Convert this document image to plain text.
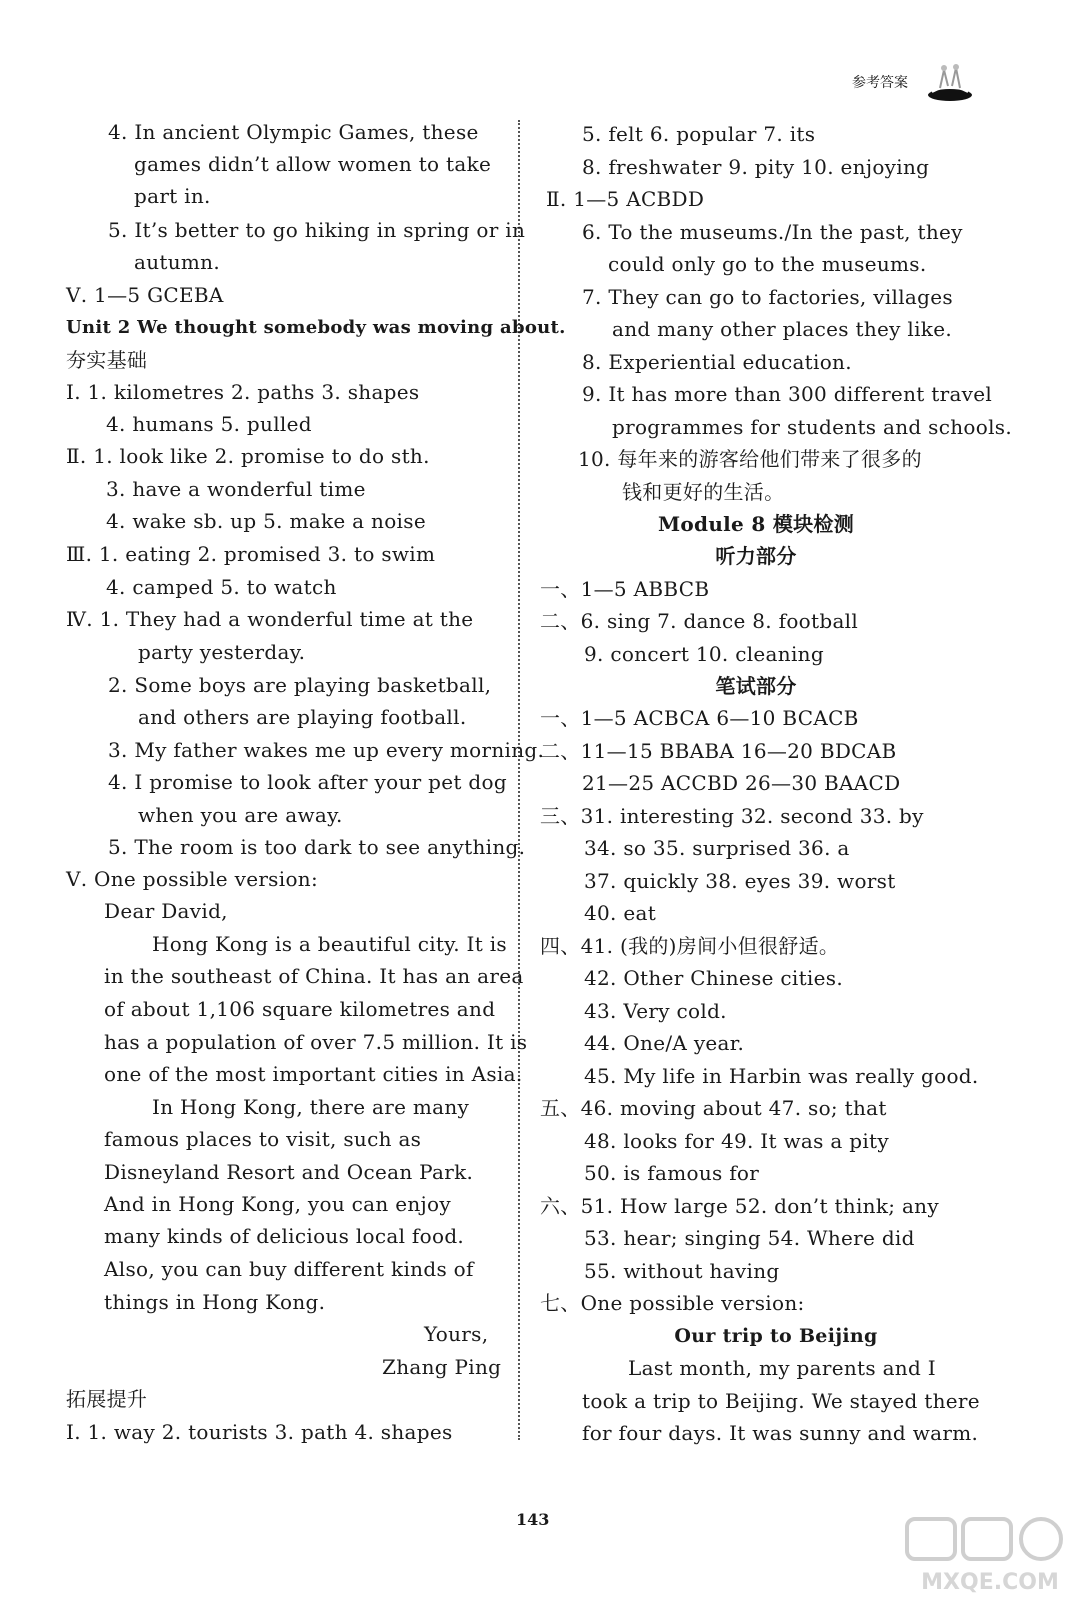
参考答案
4. In ancient Olympic Games, these
games didn’t allow women to take
part in.
5. It’s better to go hiking in spring or in
autumn.
Ⅴ. 1—5 GCEBA
Unit 2 We thought somebody was moving about.
夯实基础
Ⅰ. 1. kilometres 2. paths 3. shapes
4. humans 5. pulled
Ⅱ. 1. look like 2. promise to do sth.
3. have a wonderful time
4. wake sb. up 5. make a noise
Ⅲ. 1. eating 2. promised 3. to swim
4. camped 5. to watch
Ⅳ. 1. They had a wonderful time at the
party yesterday.
2. Some boys are playing basketball,
and others are playing football.
3. My father wakes me up every morning.
4. I promise to look after your pet dog
when you are away.
5. The room is too dark to see anything.
Ⅴ. One possible version:
Dear David,
Hong Kong is a beautiful city. It is
in the southeast of China. It has an area
of about 1,106 square kilometres and
has a population of over 7.5 million. It is
one of the most important cities in Asia.
In Hong Kong, there are many
famous places to visit, such as
Disneyland Resort and Ocean Park.
And in Hong Kong, you can enjoy
many kinds of delicious local food.
Also, you can buy different kinds of
things in Hong Kong.
Yours,
Zhang Ping
拓展提升
Ⅰ. 1. way 2. tourists 3. path 4. shapes
5. felt 6. popular 7. its
8. freshwater 9. pity 10. enjoying
Ⅱ. 1—5 ACBDD
6. To the museums./In the past, they
could only go to the museums.
7. They can go to factories, villages
and many other places they like.
8. Experiential education.
9. It has more than 300 different travel
programmes for students and schools.
10. 每年来的游客给他们带来了很多的
钱和更好的生活。
Module 8 模块检测
听力部分
一、1—5 ABBCB
二、6. sing 7. dance 8. football
9. concert 10. cleaning
笔试部分
一、1—5 ACBCA 6—10 BCACB
二、11—15 BBABA 16—20 BDCAB
21—25 ACCBD 26—30 BAACD
三、31. interesting 32. second 33. by
34. so 35. surprised 36. a
37. quickly 38. eyes 39. worst
40. eat
四、41. (我的)房间小但很舒适。
42. Other Chinese cities.
43. Very cold.
44. One/A year.
45. My life in Harbin was really good.
五、46. moving about 47. so; that
48. looks for 49. It was a pity
50. is famous for
六、51. How large 52. don’t think; any
53. hear; singing 54. Where did
55. without having
七、One possible version:
Our trip to Beijing
Last month, my parents and I
took a trip to Beijing. We stayed there
for four days. It was sunny and warm.
143
MXQE.COM
